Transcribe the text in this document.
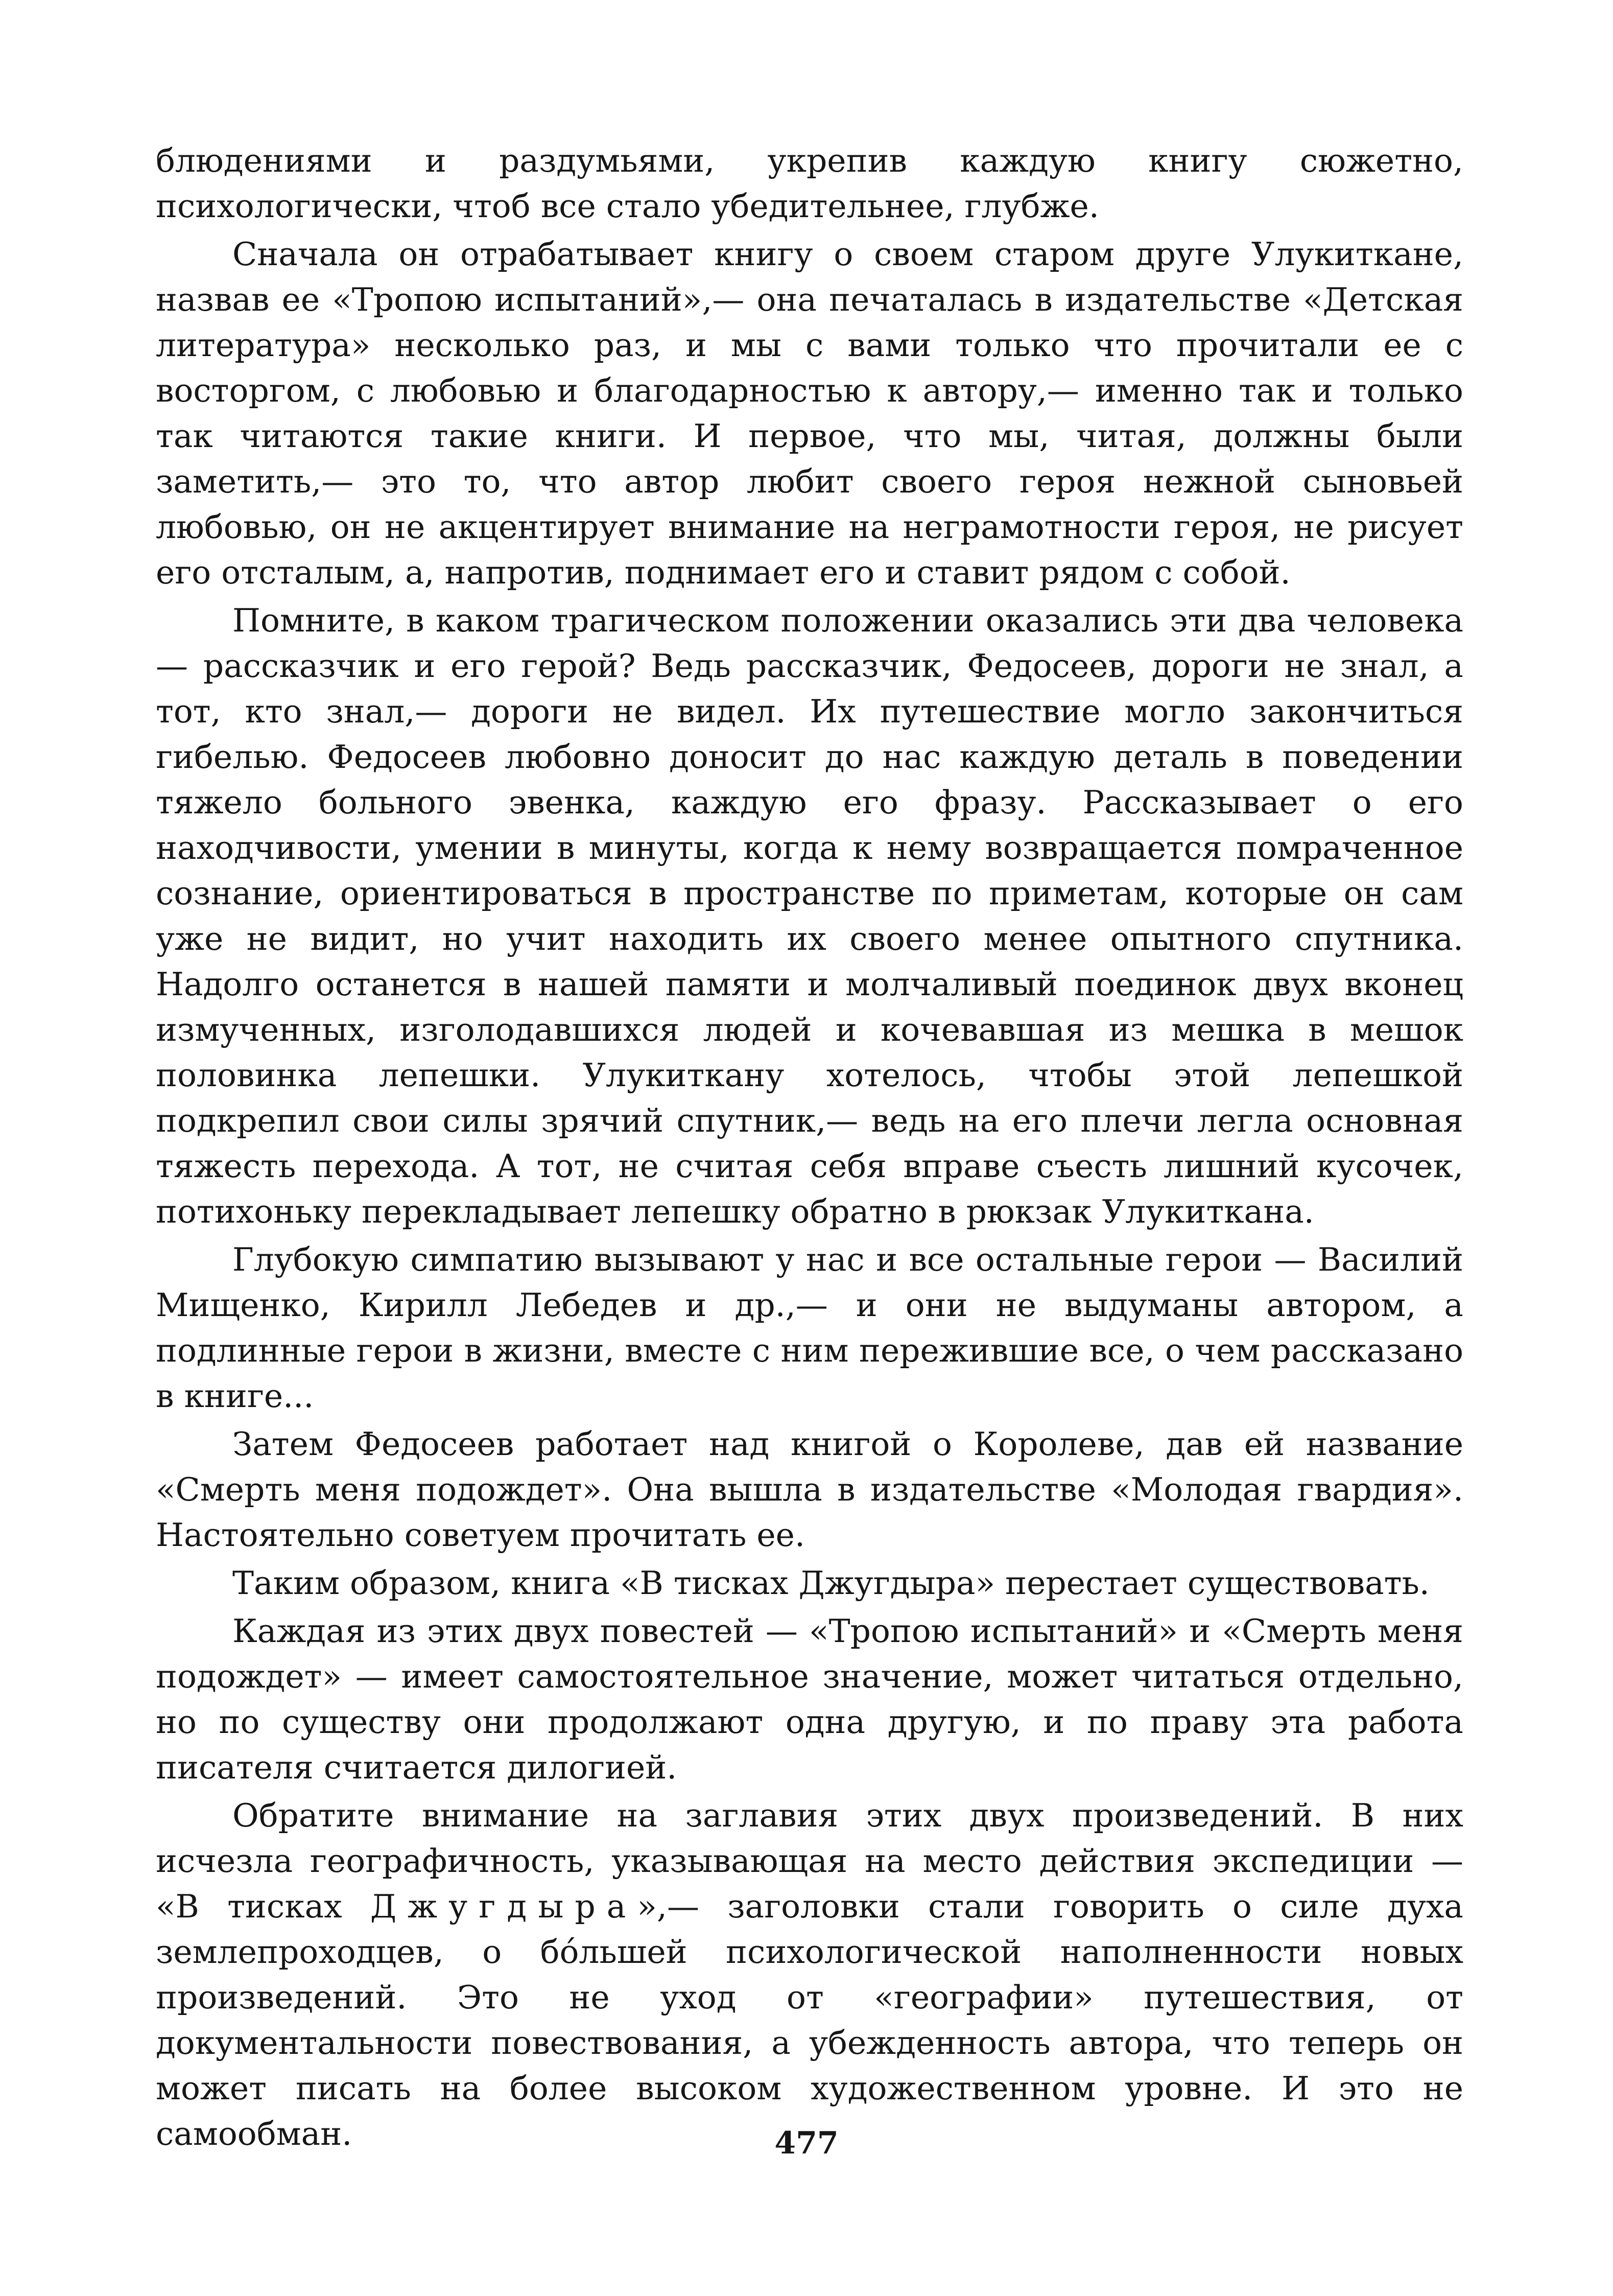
блюдениями и раздумьями, укрепив каждую книгу сюжетно, психологически, чтоб все стало убедительнее, глубже.

Сначала он отрабатывает книгу о своем старом друге Улукиткане, назвав ее «Тропою испытаний»,— она печаталась в издательстве «Детская литература» несколько раз, и мы с вами только что прочитали ее с восторгом, с любовью и благодарностью к автору,— именно так и только так читаются такие книги. И первое, что мы, читая, должны были заметить,— это то, что автор любит своего героя нежной сыновьей любовью, он не акцентирует внимание на неграмотности героя, не рисует его отсталым, а, напротив, поднимает его и ставит рядом с собой.

Помните, в каком трагическом положении оказались эти два человека — рассказчик и его герой? Ведь рассказчик, Федосеев, дороги не знал, а тот, кто знал,— дороги не видел. Их путешествие могло закончиться гибелью. Федосеев любовно доносит до нас каждую деталь в поведении тяжело больного эвенка, каждую его фразу. Рассказывает о его находчивости, умении в минуты, когда к нему возвращается помраченное сознание, ориентироваться в пространстве по приметам, которые он сам уже не видит, но учит находить их своего менее опытного спутника. Надолго останется в нашей памяти и молчаливый поединок двух вконец измученных, изголодавшихся людей и кочевавшая из мешка в мешок половинка лепешки. Улукиткану хотелось, чтобы этой лепешкой подкрепил свои силы зрячий спутник,— ведь на его плечи легла основная тяжесть перехода. А тот, не считая себя вправе съесть лишний кусочек, потихоньку перекладывает лепешку обратно в рюкзак Улукиткана.

Глубокую симпатию вызывают у нас и все остальные герои — Василий Мищенко, Кирилл Лебедев и др.,— и они не выдуманы автором, а подлинные герои в жизни, вместе с ним пережившие все, о чем рассказано в книге...

Затем Федосеев работает над книгой о Королеве, дав ей название «Смерть меня подождет». Она вышла в издательстве «Молодая гвардия». Настоятельно советуем прочитать ее.

Таким образом, книга «В тисках Джугдыра» перестает существовать.

Каждая из этих двух повестей — «Тропою испытаний» и «Смерть меня подождет» — имеет самостоятельное значение, может читаться отдельно, но по существу они продолжают одна другую, и по праву эта работа писателя считается дилогией.

Обратите внимание на заглавия этих двух произведений. В них исчезла географичность, указывающая на место действия экспедиции — «В тисках Джугдыра»,— заголовки стали говорить о силе духа землепроходцев, о бóльшей психологической наполненности новых произведений. Это не уход от «географии» путешествия, от документальности повествования, а убежденность автора, что теперь он может писать на более высоком художественном уровне. И это не самообман.	477
